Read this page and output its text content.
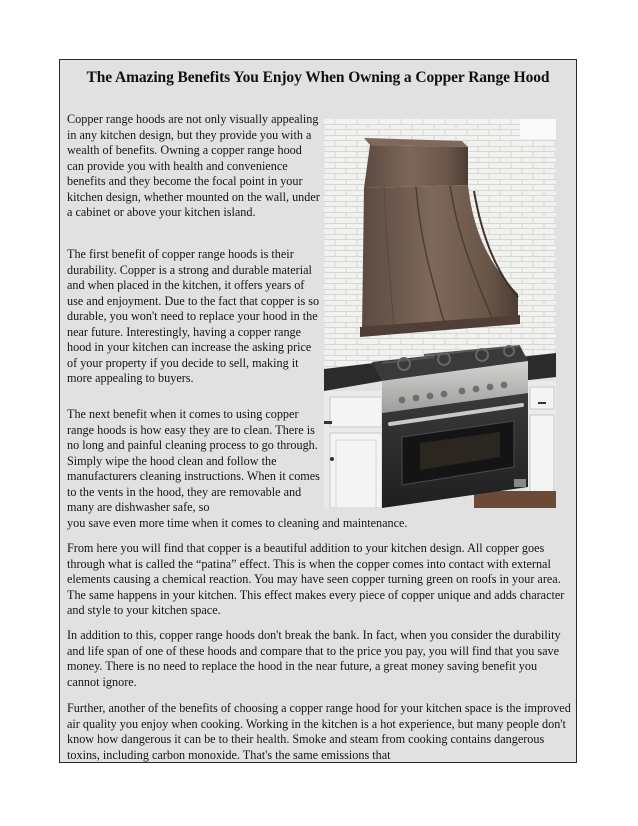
The Amazing Benefits You Enjoy When Owning a Copper Range Hood

Copper range hoods are not only visually appealing in any kitchen design, but they provide you with a wealth of benefits. Owning a copper range hood can provide you with health and convenience benefits and they become the focal point in your kitchen design, whether mounted on the wall, under a cabinet or above your kitchen island.

The first benefit of copper range hoods is their durability. Copper is a strong and durable material and when placed in the kitchen, it offers years of use and enjoyment. Due to the fact that copper is so durable, you won't need to replace your hood in the near future. Interestingly, having a copper range hood in your kitchen can increase the asking price of your property if you decide to sell, making it more appealing to buyers.

The next benefit when it comes to using copper range hoods is how easy they are to clean. There is no long and painful cleaning process to go through. Simply wipe the hood clean and follow the manufacturers cleaning instructions. When it comes to the vents in the hood, they are removable and many are dishwasher safe, so
you save even more time when it comes to cleaning and maintenance.

From here you will find that copper is a beautiful addition to your kitchen design. All copper goes through what is called the “patina” effect. This is when the copper comes into contact with external elements causing a chemical reaction. You may have seen copper turning green on roofs in your area. The same happens in your kitchen. This effect makes every piece of copper unique and adds character and style to your kitchen space.

In addition to this, copper range hoods don't break the bank. In fact, when you consider the durability and life span of one of these hoods and compare that to the price you pay, you will find that you save money. There is no need to replace the hood in the near future, a great money saving benefit you cannot ignore.

Further, another of the benefits of choosing a copper range hood for your kitchen space is the improved air quality you enjoy when cooking. Working in the kitchen is a hot experience, but many people don't know how dangerous it can be to their health. Smoke and steam from cooking contains dangerous toxins, including carbon monoxide. That's the same emissions that
